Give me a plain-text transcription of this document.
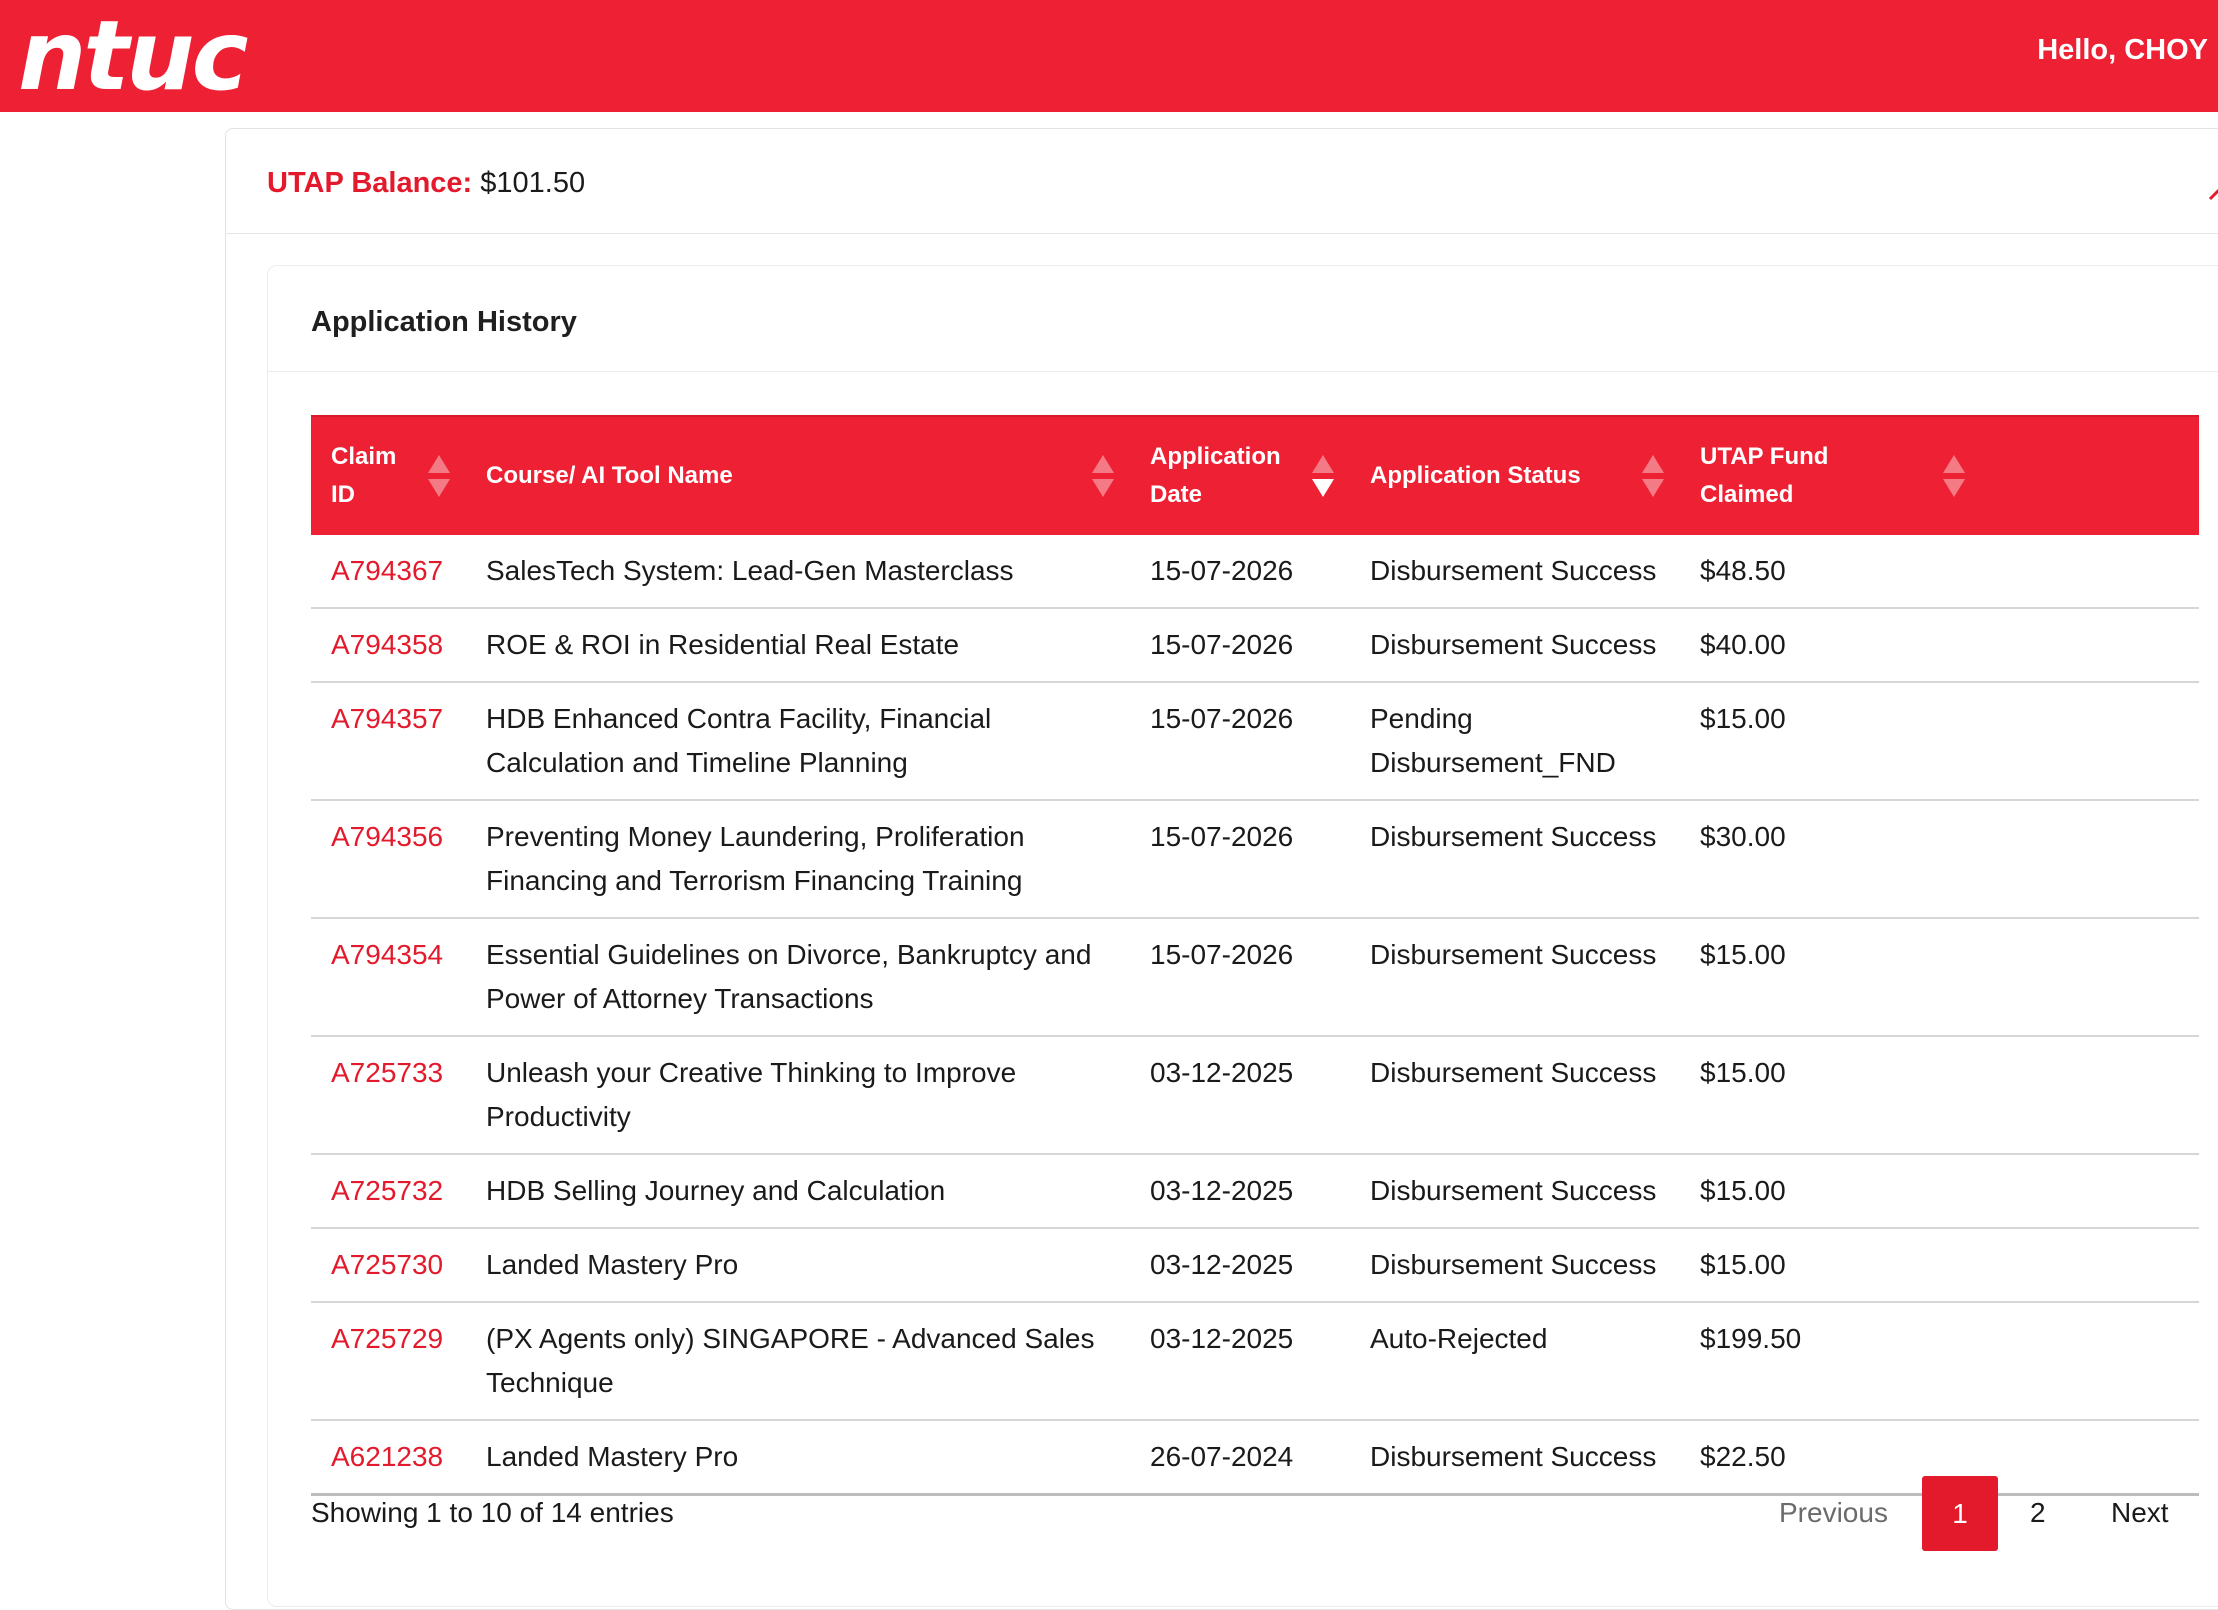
ntuc	Hello, CHOY
UTAP Balance: $101.50
Application History
Claim ID	Course/ AI Tool Name	Application Date	Application Status	UTAP Fund Claimed

A794367	SalesTech System: Lead-Gen Masterclass	15-07-2026	Disbursement Success	$48.50
A794358	ROE & ROI in Residential Real Estate	15-07-2026	Disbursement Success	$40.00
A794357	HDB Enhanced Contra Facility, Financial Calculation and Timeline Planning	15-07-2026	Pending Disbursement_FND	$15.00
A794356	Preventing Money Laundering, Proliferation Financing and Terrorism Financing Training	15-07-2026	Disbursement Success	$30.00
A794354	Essential Guidelines on Divorce, Bankruptcy and Power of Attorney Transactions	15-07-2026	Disbursement Success	$15.00
A725733	Unleash your Creative Thinking to Improve Productivity	03-12-2025	Disbursement Success	$15.00
A725732	HDB Selling Journey and Calculation	03-12-2025	Disbursement Success	$15.00
A725730	Landed Mastery Pro	03-12-2025	Disbursement Success	$15.00
A725729	(PX Agents only) SINGAPORE - Advanced Sales Technique	03-12-2025	Auto-Rejected	$199.50
A621238	Landed Mastery Pro	26-07-2024	Disbursement Success	$22.50
Showing 1 to 10 of 14 entries	Previous	1	2 Next
